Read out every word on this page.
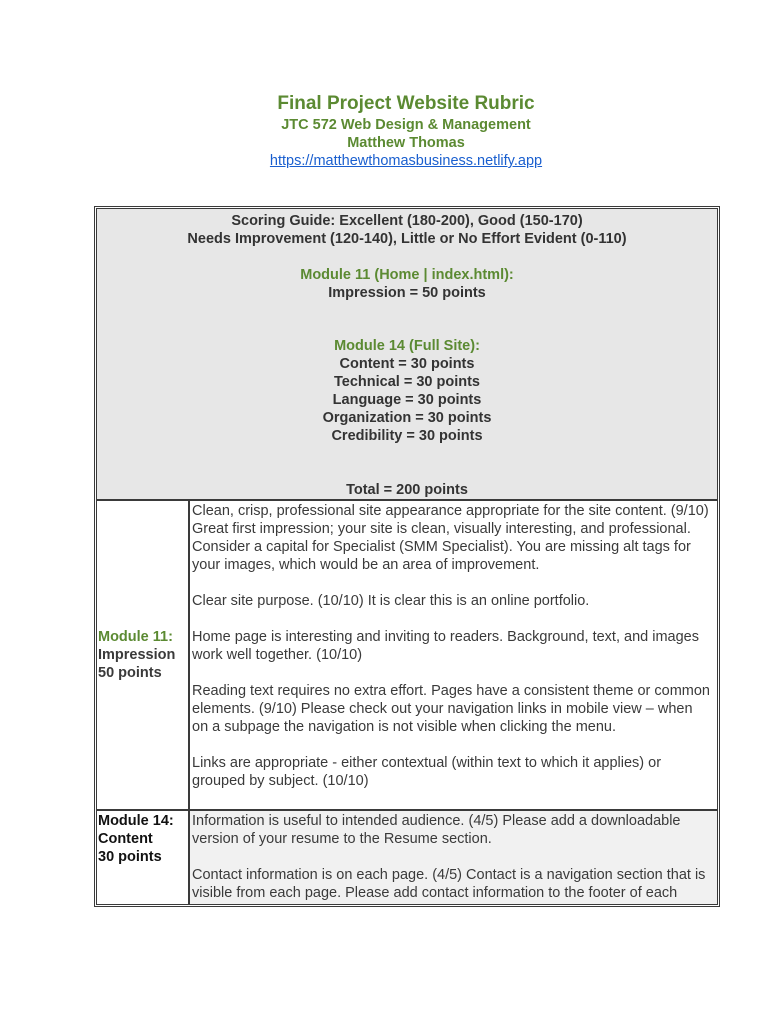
Final Project Website Rubric
JTC 572 Web Design & Management
Matthew Thomas
https://matthewthomasbusiness.netlify.app
Scoring Guide: Excellent (180-200), Good (150-170)
Needs Improvement (120-140), Little or No Effort Evident (0-110)
Module 11 (Home | index.html):
Impression = 50 points
Module 14 (Full Site):
Content = 30 points
Technical = 30 points
Language = 30 points
Organization = 30 points
Credibility = 30 points
Total = 200 points
Module 11:
Impression
50 points

Clean, crisp, professional site appearance appropriate for the site content. (9/10) Great first impression; your site is clean, visually interesting, and professional. Consider a capital for Specialist (SMM Specialist). You are missing alt tags for your images, which would be an area of improvement.

Clear site purpose. (10/10) It is clear this is an online portfolio.

Home page is interesting and inviting to readers. Background, text, and images work well together. (10/10)

Reading text requires no extra effort. Pages have a consistent theme or common elements. (9/10) Please check out your navigation links in mobile view – when on a subpage the navigation is not visible when clicking the menu.

Links are appropriate - either contextual (within text to which it applies) or grouped by subject. (10/10)

Module 14:
Content
30 points

Information is useful to intended audience. (4/5) Please add a downloadable version of your resume to the Resume section.

Contact information is on each page. (4/5) Contact is a navigation section that is visible from each page. Please add contact information to the footer of each
